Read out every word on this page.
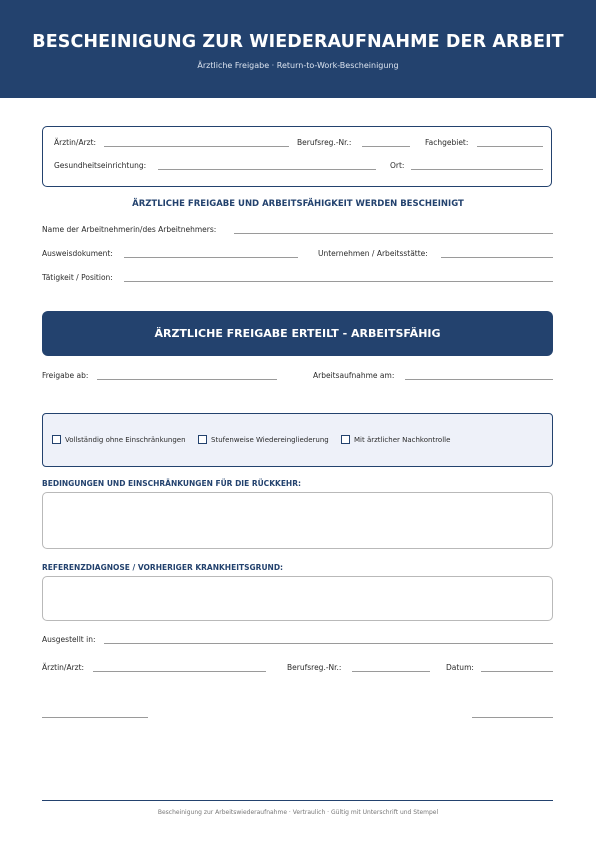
BESCHEINIGUNG ZUR WIEDERAUFNAHME DER ARBEIT
Ärztliche Freigabe · Return-to-Work-Bescheinigung
Ärztin/Arzt:	Berufsreg.-Nr.:	Fachgebiet:
Gesundheitseinrichtung:	Ort:
ÄRZTLICHE FREIGABE UND ARBEITSFÄHIGKEIT WERDEN BESCHEINIGT
Name der Arbeitnehmerin/des Arbeitnehmers:
Ausweisdokument:	Unternehmen / Arbeitsstätte:
Tätigkeit / Position:
ÄRZTLICHE FREIGABE ERTEILT - ARBEITSFÄHIG
Freigabe ab:	Arbeitsaufnahme am:
Vollständig ohne Einschränkungen	Stufenweise Wiedereingliederung	Mit ärztlicher Nachkontrolle
BEDINGUNGEN UND EINSCHRÄNKUNGEN FÜR DIE RÜCKKEHR:
REFERENZDIAGNOSE / VORHERIGER KRANKHEITSGRUND:
Ausgestellt in:
Ärztin/Arzt:	Berufsreg.-Nr.:	Datum:
Bescheinigung zur Arbeitswiederaufnahme · Vertraulich · Gültig mit Unterschrift und Stempel
